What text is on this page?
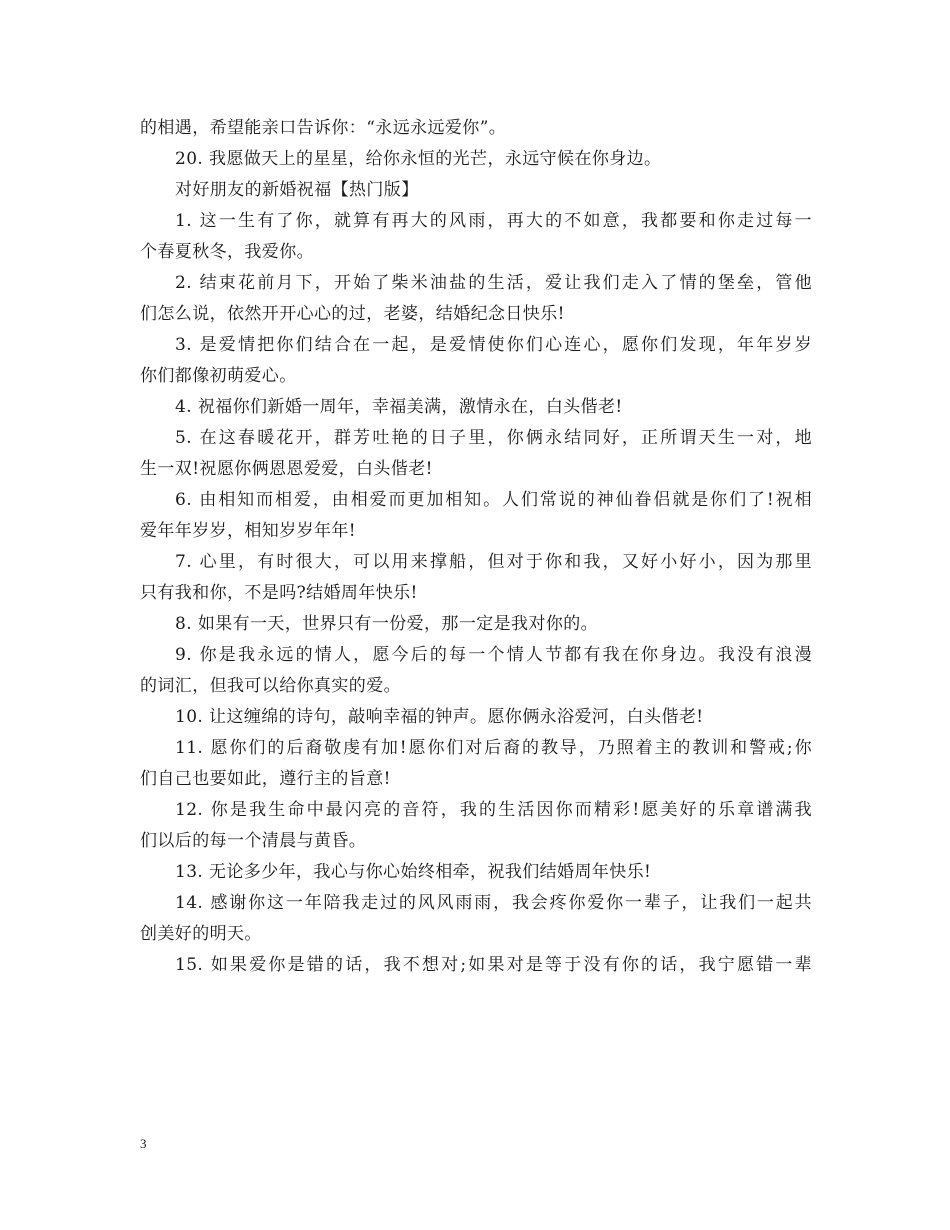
的相遇，希望能亲口告诉你：“永远永远爱你”。
20. 我愿做天上的星星，给你永恒的光芒，永远守候在你身边。
对好朋友的新婚祝福【热门版】
1. 这一生有了你，就算有再大的风雨，再大的不如意，我都要和你走过每一
个春夏秋冬，我爱你。
2. 结束花前月下，开始了柴米油盐的生活，爱让我们走入了情的堡垒，管他
们怎么说，依然开开心心的过，老婆，结婚纪念日快乐!
3. 是爱情把你们结合在一起，是爱情使你们心连心，愿你们发现，年年岁岁
你们都像初萌爱心。
4. 祝福你们新婚一周年，幸福美满，激情永在，白头偕老!
5. 在这春暖花开，群芳吐艳的日子里，你俩永结同好，正所谓天生一对，地
生一双!祝愿你俩恩恩爱爱，白头偕老!
6. 由相知而相爱，由相爱而更加相知。人们常说的神仙眷侣就是你们了!祝相
爱年年岁岁，相知岁岁年年!
7. 心里，有时很大，可以用来撑船，但对于你和我，又好小好小，因为那里
只有我和你，不是吗?结婚周年快乐!
8. 如果有一天，世界只有一份爱，那一定是我对你的。
9. 你是我永远的情人，愿今后的每一个情人节都有我在你身边。我没有浪漫
的词汇，但我可以给你真实的爱。
10. 让这缠绵的诗句，敲响幸福的钟声。愿你俩永浴爱河，白头偕老!
11. 愿你们的后裔敬虔有加!愿你们对后裔的教导，乃照着主的教训和警戒;你
们自己也要如此，遵行主的旨意!
12. 你是我生命中最闪亮的音符，我的生活因你而精彩!愿美好的乐章谱满我
们以后的每一个清晨与黄昏。
13. 无论多少年，我心与你心始终相牵，祝我们结婚周年快乐!
14. 感谢你这一年陪我走过的风风雨雨，我会疼你爱你一辈子，让我们一起共
创美好的明天。
15. 如果爱你是错的话，我不想对;如果对是等于没有你的话，我宁愿错一辈
3
